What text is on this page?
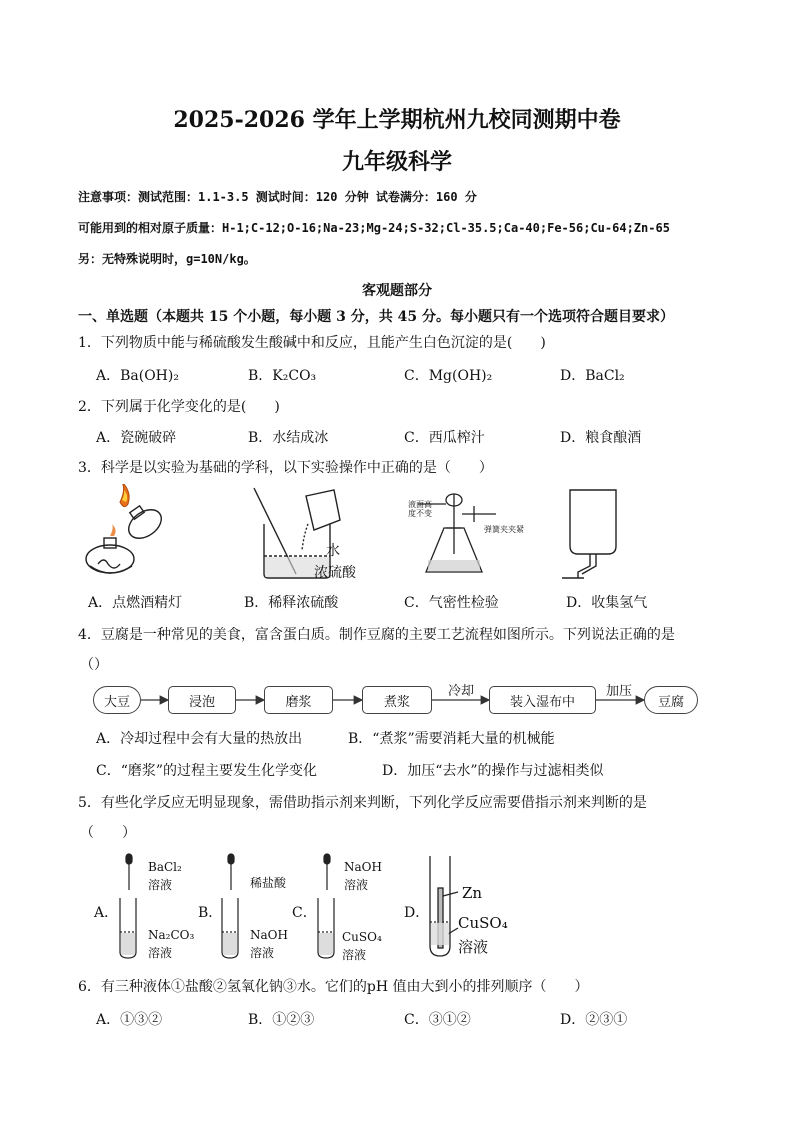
2025-2026 学年上学期杭州九校同测期中卷
九年级科学
注意事项：测试范围：1.1-3.5 测试时间：120 分钟 试卷满分：160 分
可能用到的相对原子质量：H-1;C-12;O-16;Na-23;Mg-24;S-32;Cl-35.5;Ca-40;Fe-56;Cu-64;Zn-65
另：无特殊说明时，g=10N/kg。
客观题部分
一、单选题（本题共 15 个小题，每小题 3 分，共 45 分。每小题只有一个选项符合题目要求）
1．下列物质中能与稀硫酸发生酸碱中和反应，且能产生白色沉淀的是(　　)
A．Ba(OH)₂	B．K₂CO₃	C．Mg(OH)₂	D．BaCl₂
2．下列属于化学变化的是(　　)
A．瓷碗破碎	B．水结成冰	C．西瓜榨汁	D．粮食酿酒
3．科学是以实验为基础的学科，以下实验操作中正确的是（　　）
水
浓硫酸
液面高度不变
弹簧夹夹紧
A．点燃酒精灯	B．稀释浓硫酸	C．气密性检验	D．收集氢气
4．豆腐是一种常见的美食，富含蛋白质。制作豆腐的主要工艺流程如图所示。下列说法正确的是
（）
大豆	浸泡	磨浆	煮浆	装入湿布中	豆腐
冷却	加压
A．冷却过程中会有大量的热放出	B．“煮浆”需要消耗大量的机械能
C．“磨浆”的过程主要发生化学变化	D．加压“去水”的操作与过滤相类似
5．有些化学反应无明显现象，需借助指示剂来判断，下列化学反应需要借指示剂来判断的是
（　　）
A．
BaCl₂
溶液
Na₂CO₃
溶液
B．
稀盐酸
NaOH
溶液
C．
NaOH
溶液
CuSO₄
溶液
D．
Zn
CuSO₄
溶液
6．有三种液体①盐酸②氢氧化钠③水。它们的pH 值由大到小的排列顺序（　　）
A．①③②	B．①②③	C．③①②	D．②③①
